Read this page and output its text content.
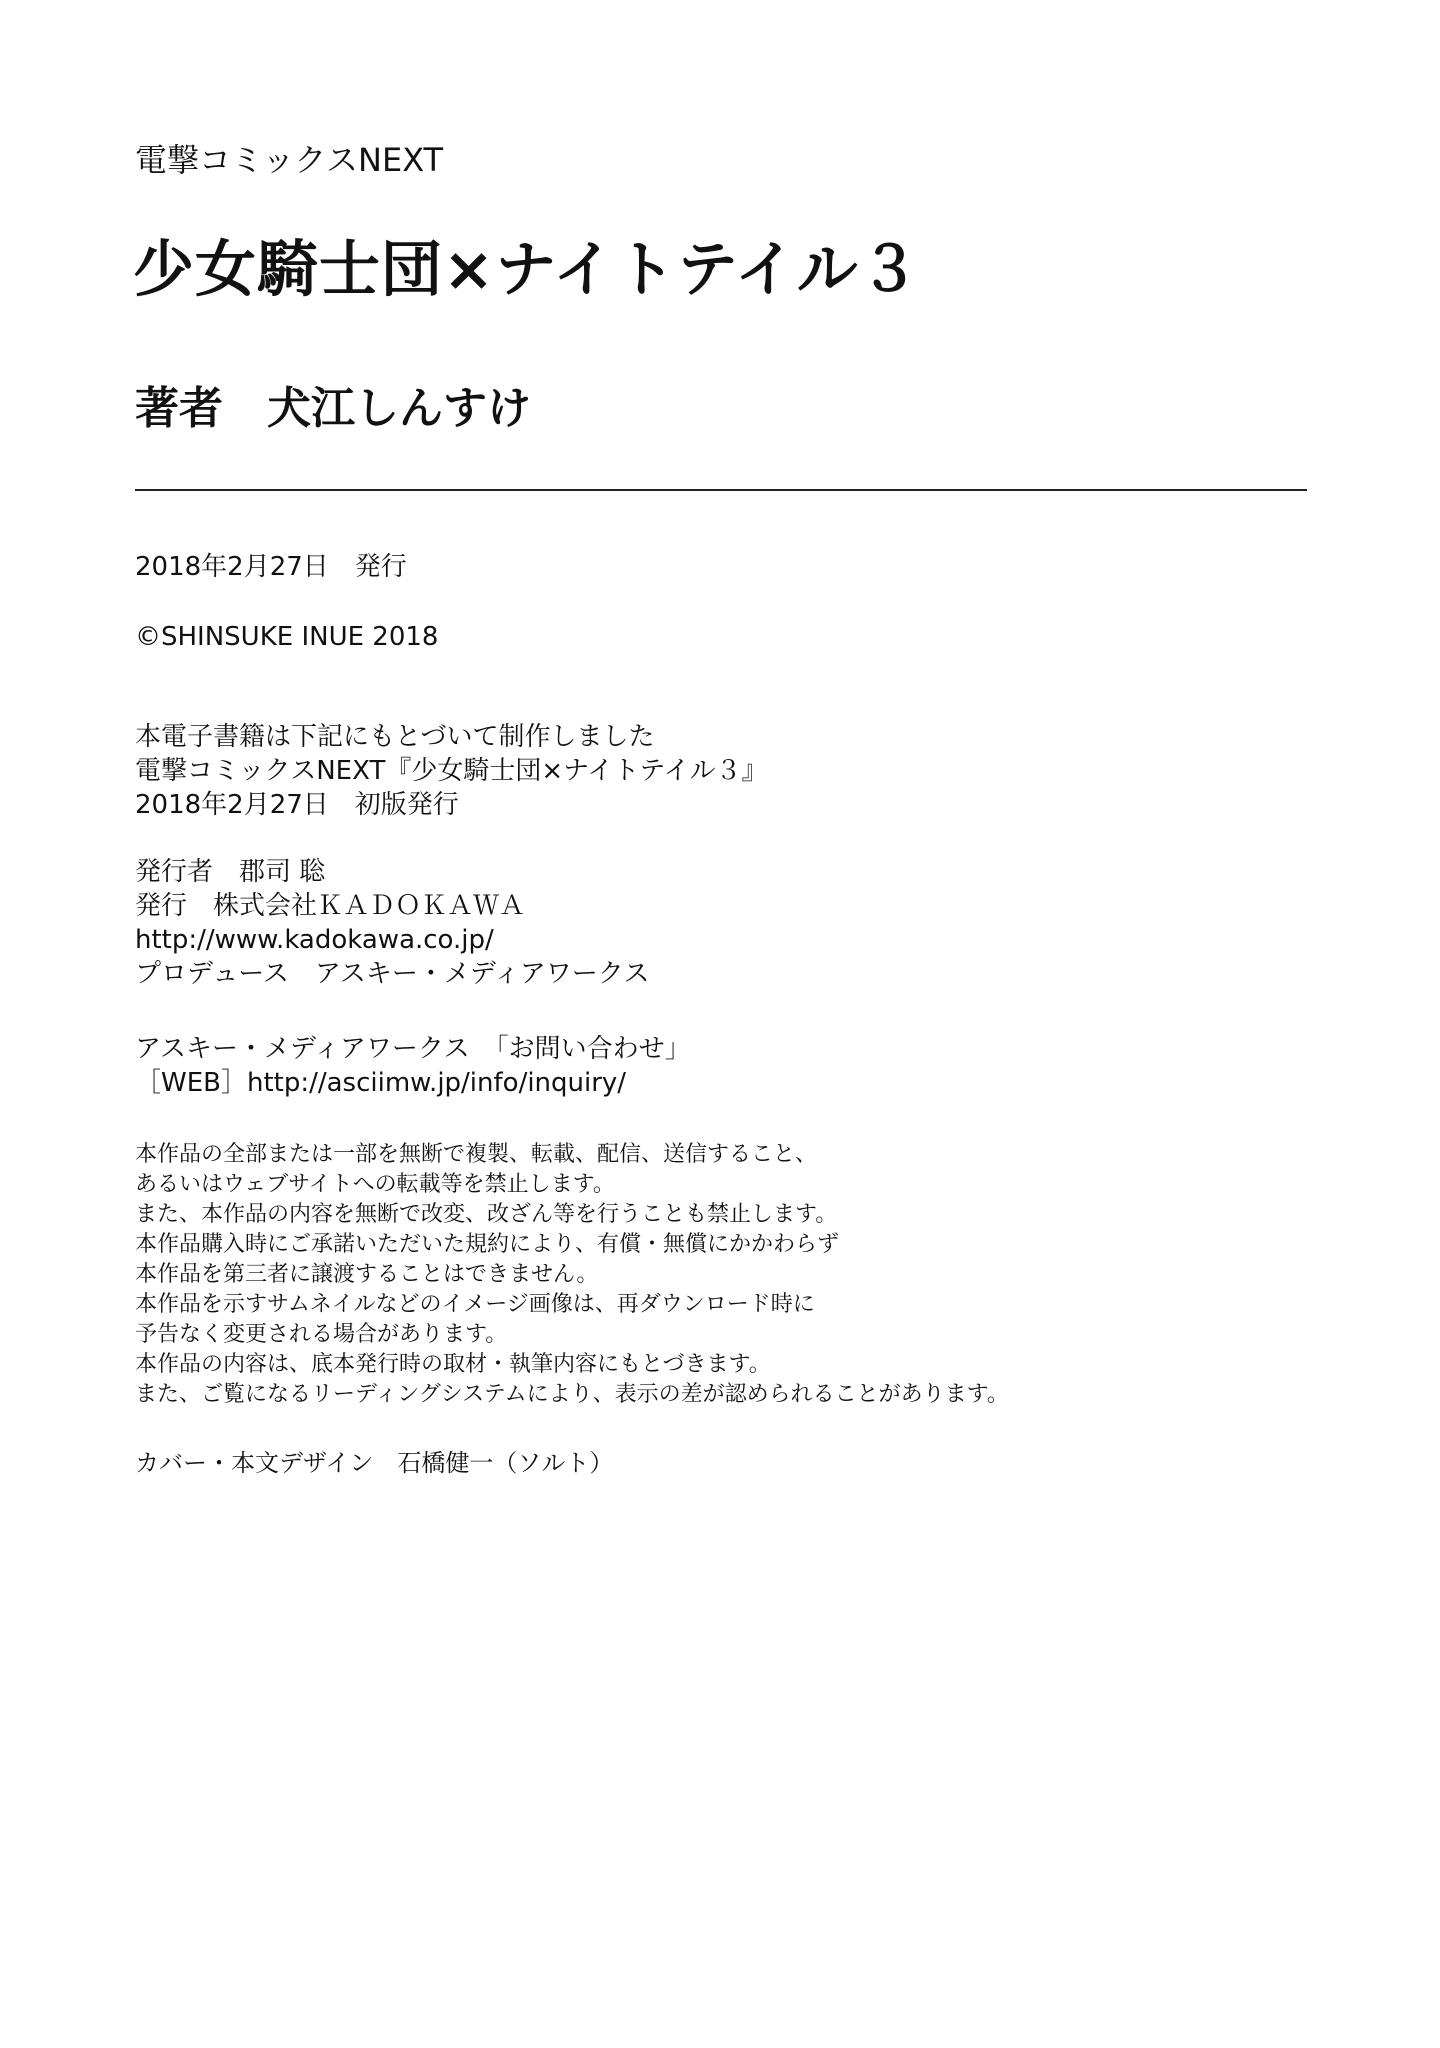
電撃コミックスNEXT
少女騎士団×ナイトテイル３
著者 犬江しんすけ
2018年2月27日　発行
©SHINSUKE INUE 2018
本電子書籍は下記にもとづいて制作しました
電撃コミックスNEXT『少女騎士団×ナイトテイル３』
2018年2月27日　初版発行
発行者　郡司 聡
発行　株式会社ＫＡＤＯＫＡＷＡ
http://www.kadokawa.co.jp/
プロデュース　アスキー・メディアワークス
アスキー・メディアワークス　「お問い合わせ」
［WEB］http://asciimw.jp/info/inquiry/
本作品の全部または一部を無断で複製、転載、配信、送信すること、
あるいはウェブサイトへの転載等を禁止します。
また、本作品の内容を無断で改変、改ざん等を行うことも禁止します。
本作品購入時にご承諾いただいた規約により、有償・無償にかかわらず
本作品を第三者に譲渡することはできません。
本作品を示すサムネイルなどのイメージ画像は、再ダウンロード時に
予告なく変更される場合があります。
本作品の内容は、底本発行時の取材・執筆内容にもとづきます。
また、ご覧になるリーディングシステムにより、表示の差が認められることがあります。
カバー・本文デザイン　石橋健一（ソルト）
